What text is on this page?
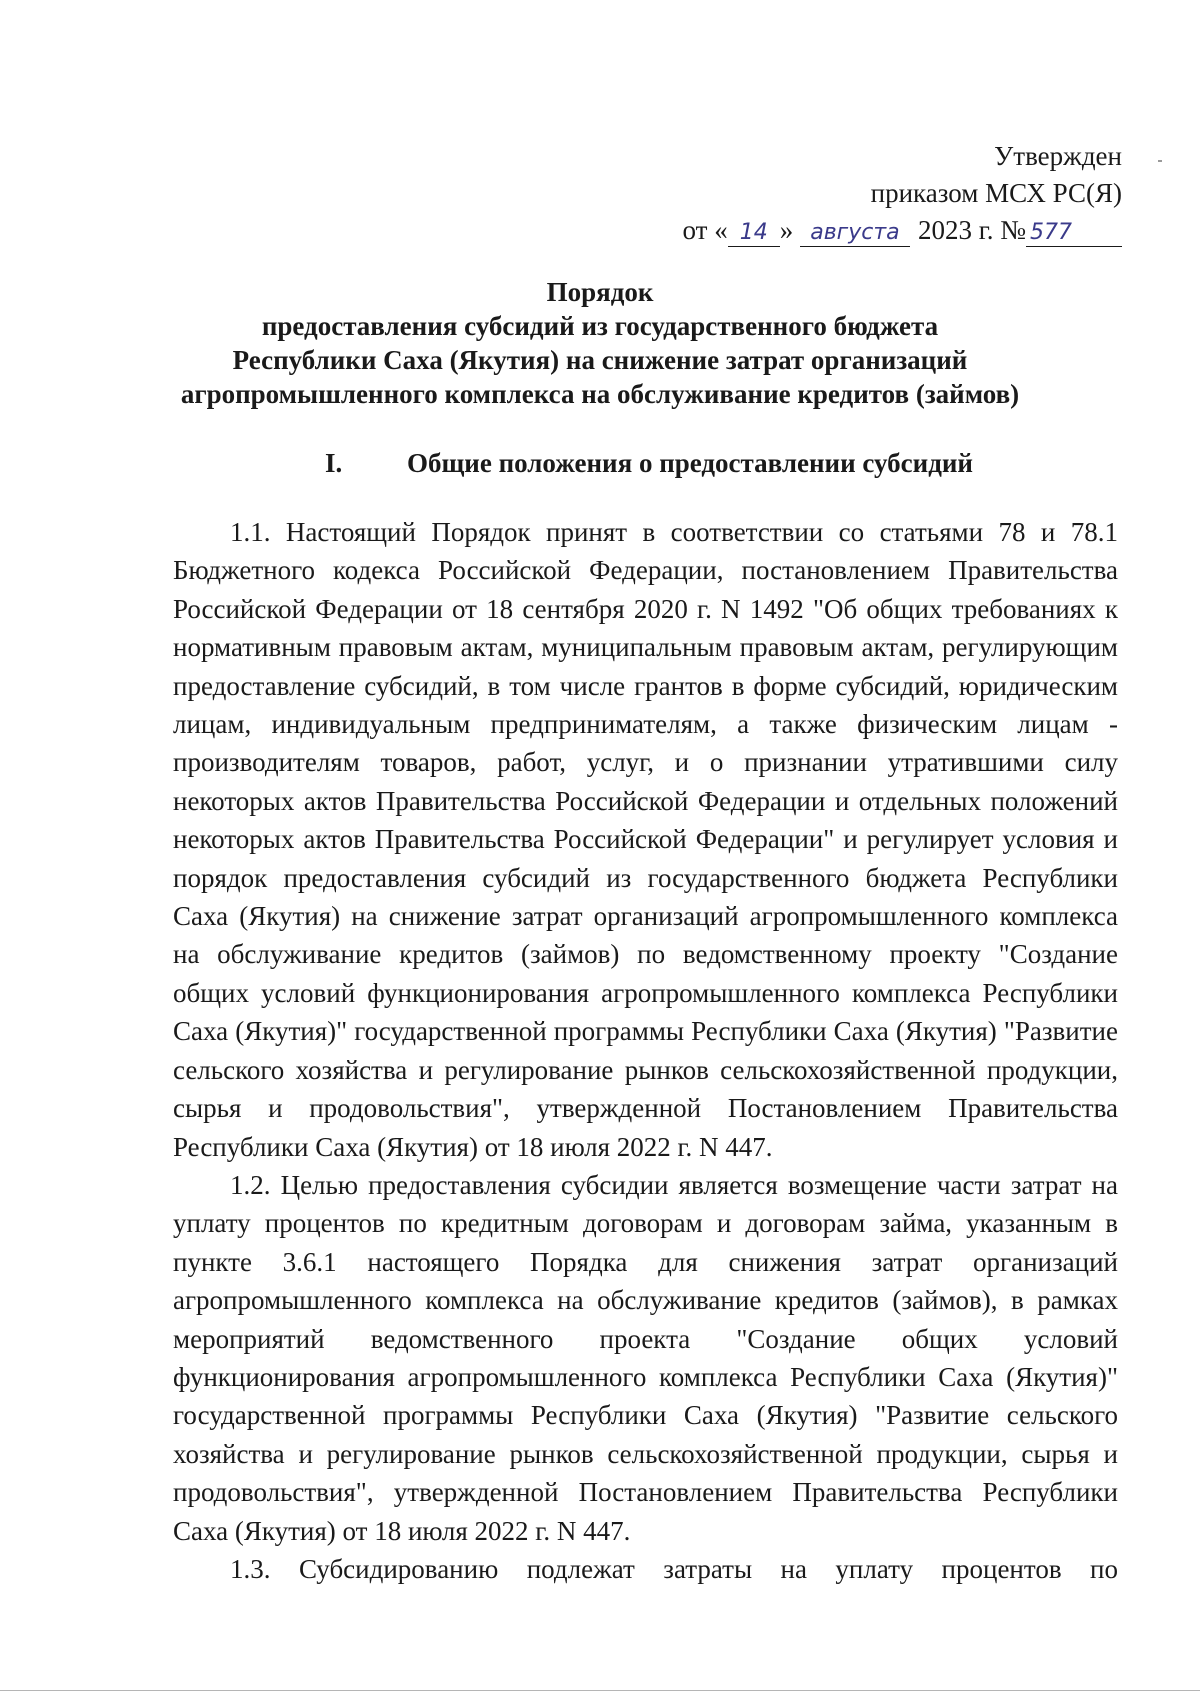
Утвержден
приказом МСХ РС(Я)
от « 14 » августа 2023 г. № 577
Порядок
предоставления субсидий из государственного бюджета
Республики Саха (Якутия) на снижение затрат организаций
агропромышленного комплекса на обслуживание кредитов (займов)
I. Общие положения о предоставлении субсидий

1.1. Настоящий Порядок принят в соответствии со статьями 78 и 78.1 Бюджетного кодекса Российской Федерации, постановлением Правительства Российской Федерации от 18 сентября 2020 г. N 1492 "Об общих требованиях к нормативным правовым актам, муниципальным правовым актам, регулирующим предоставление субсидий, в том числе грантов в форме субсидий, юридическим лицам, индивидуальным предпринимателям, а также физическим лицам - производителям товаров, работ, услуг, и о признании утратившими силу некоторых актов Правительства Российской Федерации и отдельных положений некоторых актов Правительства Российской Федерации" и регулирует условия и порядок предоставления субсидий из государственного бюджета Республики Саха (Якутия) на снижение затрат организаций агропромышленного комплекса на обслуживание кредитов (займов) по ведомственному проекту "Создание общих условий функционирования агропромышленного комплекса Республики Саха (Якутия)" государственной программы Республики Саха (Якутия) "Развитие сельского хозяйства и регулирование рынков сельскохозяйственной продукции, сырья и продовольствия", утвержденной Постановлением Правительства Республики Саха (Якутия) от 18 июля 2022 г. N 447.

1.2. Целью предоставления субсидии является возмещение части затрат на уплату процентов по кредитным договорам и договорам займа, указанным в пункте 3.6.1 настоящего Порядка для снижения затрат организаций агропромышленного комплекса на обслуживание кредитов (займов), в рамках мероприятий ведомственного проекта "Создание общих условий функционирования агропромышленного комплекса Республики Саха (Якутия)" государственной программы Республики Саха (Якутия) "Развитие сельского хозяйства и регулирование рынков сельскохозяйственной продукции, сырья и продовольствия", утвержденной Постановлением Правительства Республики Саха (Якутия) от 18 июля 2022 г. N 447.

1.3. Субсидированию подлежат затраты на уплату процентов по
